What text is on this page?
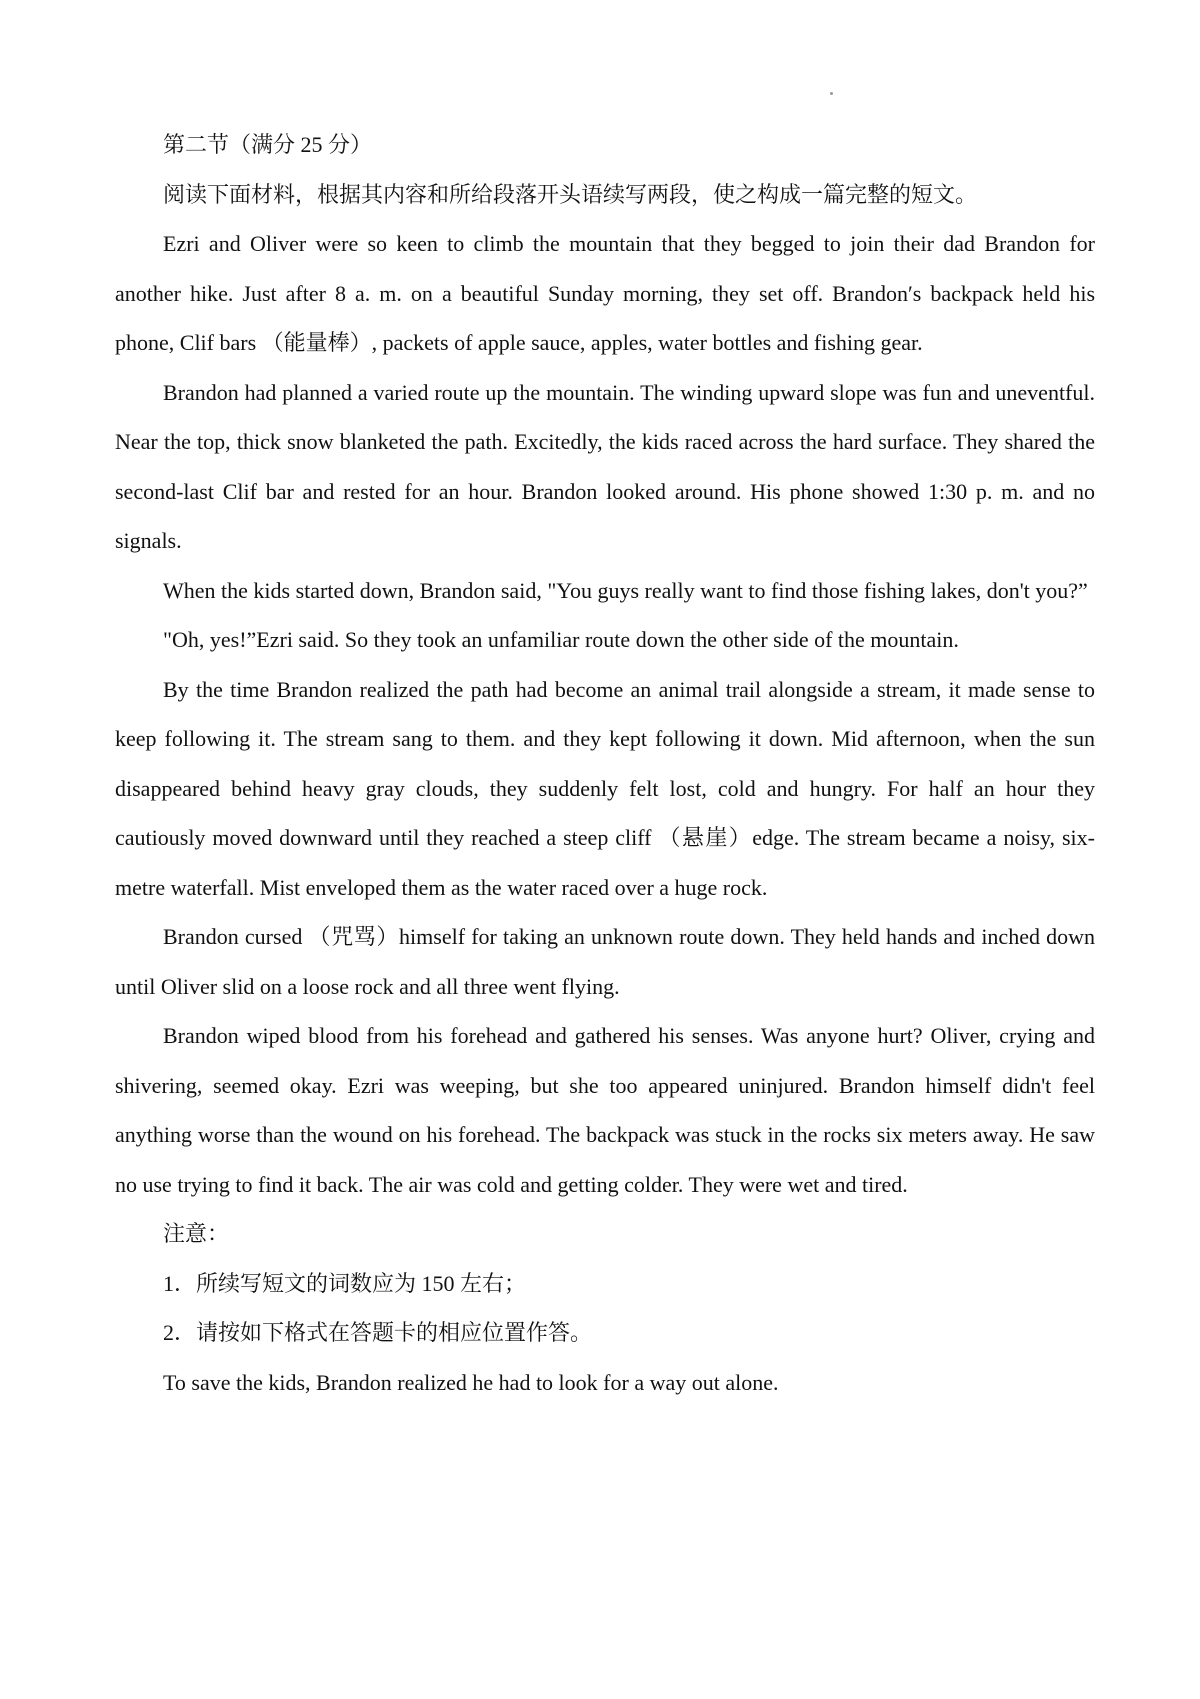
第二节（满分 25 分）

阅读下面材料，根据其内容和所给段落开头语续写两段，使之构成一篇完整的短文。

Ezri and Oliver were so keen to climb the mountain that they begged to join their dad Brandon for another hike. Just after 8 a. m. on a beautiful Sunday morning, they set off. Brandon′s backpack held his phone, Clif bars （能量棒）, packets of apple sauce, apples, water bottles and fishing gear.

Brandon had planned a varied route up the mountain. The winding upward slope was fun and uneventful. Near the top, thick snow blanketed the path. Excitedly, the kids raced across the hard surface. They shared the second-last Clif bar and rested for an hour. Brandon looked around. His phone showed 1:30 p. m. and no signals.

When the kids started down, Brandon said, "You guys really want to find those fishing lakes, don't you?”

"Oh, yes!”Ezri said. So they took an unfamiliar route down the other side of the mountain.

By the time Brandon realized the path had become an animal trail alongside a stream, it made sense to keep following it. The stream sang to them. and they kept following it down. Mid afternoon, when the sun disappeared behind heavy gray clouds, they suddenly felt lost, cold and hungry. For half an hour they cautiously moved downward until they reached a steep cliff （悬崖）edge. The stream became a noisy, six-metre waterfall. Mist enveloped them as the water raced over a huge rock.

Brandon cursed （咒骂）himself for taking an unknown route down. They held hands and inched down until Oliver slid on a loose rock and all three went flying.

Brandon wiped blood from his forehead and gathered his senses. Was anyone hurt? Oliver, crying and shivering, seemed okay. Ezri was weeping, but she too appeared uninjured. Brandon himself didn't feel anything worse than the wound on his forehead. The backpack was stuck in the rocks six meters away. He saw no use trying to find it back. The air was cold and getting colder. They were wet and tired.

注意：

1．所续写短文的词数应为 150 左右；

2．请按如下格式在答题卡的相应位置作答。

To save the kids, Brandon realized he had to look for a way out alone.
